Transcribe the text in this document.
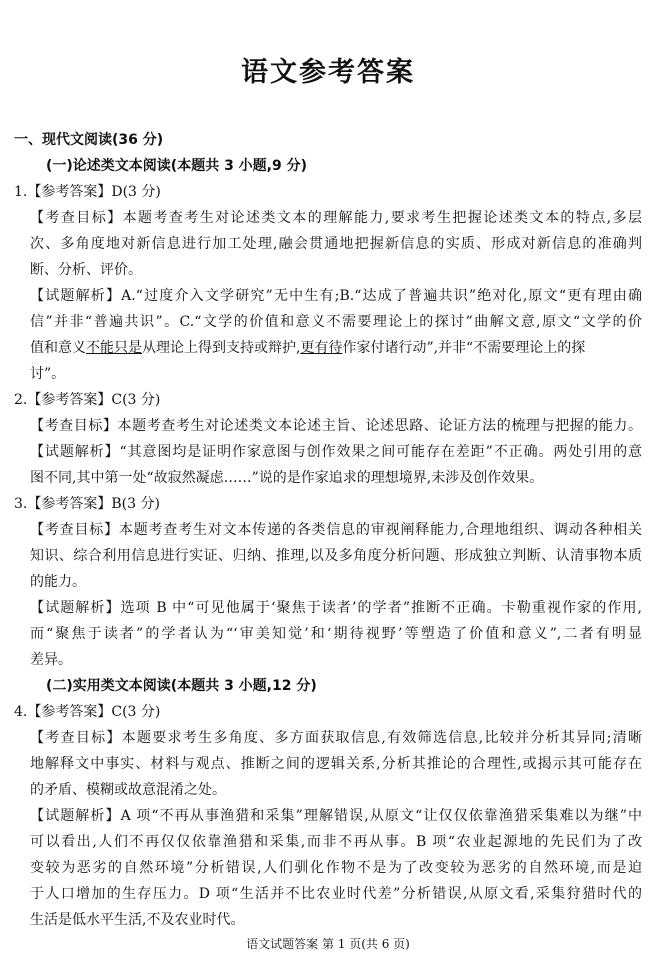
语文参考答案
一、现代文阅读(36 分)
(一)论述类文本阅读(本题共 3 小题,9 分)
1.【参考答案】D(3 分)
【考查目标】本题考查考生对论述类文本的理解能力,要求考生把握论述类文本的特点,多层
次、多角度地对新信息进行加工处理,融会贯通地把握新信息的实质、形成对新信息的准确判
断、分析、评价。
【试题解析】A.“过度介入文学研究”无中生有;B.“达成了普遍共识”绝对化,原文“更有理由确
信”并非“普遍共识”。C.“文学的价值和意义不需要理论上的探讨”曲解文意,原文“文学的价
值和意义不能只是从理论上得到支持或辩护,更有待作家付诸行动”,并非“不需要理论上的探
讨”。
2.【参考答案】C(3 分)
【考查目标】本题考查考生对论述类文本论述主旨、论述思路、论证方法的梳理与把握的能力。
【试题解析】“其意图均是证明作家意图与创作效果之间可能存在差距”不正确。两处引用的意
图不同,其中第一处“故寂然凝虑……”说的是作家追求的理想境界,未涉及创作效果。
3.【参考答案】B(3 分)
【考查目标】本题考查考生对文本传递的各类信息的审视阐释能力,合理地组织、调动各种相关
知识、综合利用信息进行实证、归纳、推理,以及多角度分析问题、形成独立判断、认清事物本质
的能力。
【试题解析】选项 B 中“可见他属于‘聚焦于读者’的学者”推断不正确。卡勒重视作家的作用,
而“聚焦于读者”的学者认为“‘审美知觉’和‘期待视野’等塑造了价值和意义”,二者有明显
差异。
(二)实用类文本阅读(本题共 3 小题,12 分)
4.【参考答案】C(3 分)
【考查目标】本题要求考生多角度、多方面获取信息,有效筛选信息,比较并分析其异同;清晰
地解释文中事实、材料与观点、推断之间的逻辑关系,分析其推论的合理性,或揭示其可能存在
的矛盾、模糊或故意混淆之处。
【试题解析】A 项“不再从事渔猎和采集”理解错误,从原文“让仅仅依靠渔猎采集难以为继”中
可以看出,人们不再仅仅依靠渔猎和采集,而非不再从事。B 项“农业起源地的先民们为了改
变较为恶劣的自然环境”分析错误,人们驯化作物不是为了改变较为恶劣的自然环境,而是迫
于人口增加的生存压力。D 项“生活并不比农业时代差”分析错误,从原文看,采集狩猎时代的
生活是低水平生活,不及农业时代。
语文试题答案 第 1 页(共 6 页)
